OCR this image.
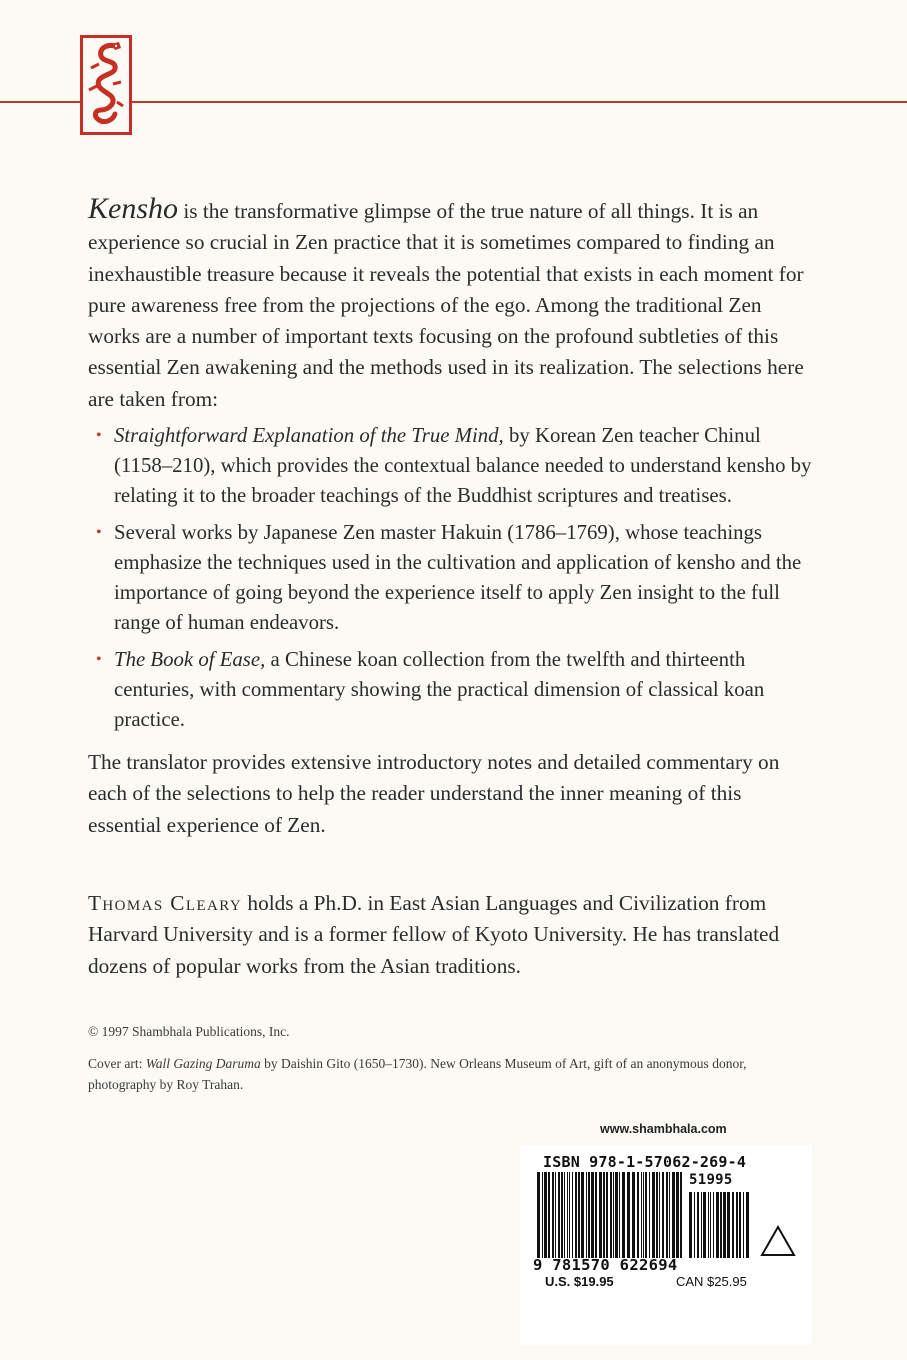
Kensho is the transformative glimpse of the true nature of all things. It is an experience so crucial in Zen practice that it is sometimes compared to finding an inexhaustible treasure because it reveals the potential that exists in each moment for pure awareness free from the projections of the ego. Among the traditional Zen works are a number of important texts focusing on the profound subtleties of this essential Zen awakening and the methods used in its realization. The selections here are taken from:

• Straightforward Explanation of the True Mind, by Korean Zen teacher Chinul (1158–210), which provides the contextual balance needed to understand kensho by relating it to the broader teachings of the Buddhist scriptures and treatises.
• Several works by Japanese Zen master Hakuin (1786–1769), whose teachings emphasize the techniques used in the cultivation and application of kensho and the importance of going beyond the experience itself to apply Zen insight to the full range of human endeavors.
• The Book of Ease, a Chinese koan collection from the twelfth and thirteenth centuries, with commentary showing the practical dimension of classical koan practice.

The translator provides extensive introductory notes and detailed commentary on each of the selections to help the reader understand the inner meaning of this essential experience of Zen.

Thomas Cleary holds a Ph.D. in East Asian Languages and Civilization from Harvard University and is a former fellow of Kyoto University. He has translated dozens of popular works from the Asian traditions.
© 1997 Shambhala Publications, Inc.
Cover art: Wall Gazing Daruma by Daishin Gito (1650–1730). New Orleans Museum of Art, gift of an anonymous donor, photography by Roy Trahan.
www.shambhala.com
ISBN 978-1-57062-269-4
51995
9 781570 622694
U.S. $19.95	CAN $25.95
